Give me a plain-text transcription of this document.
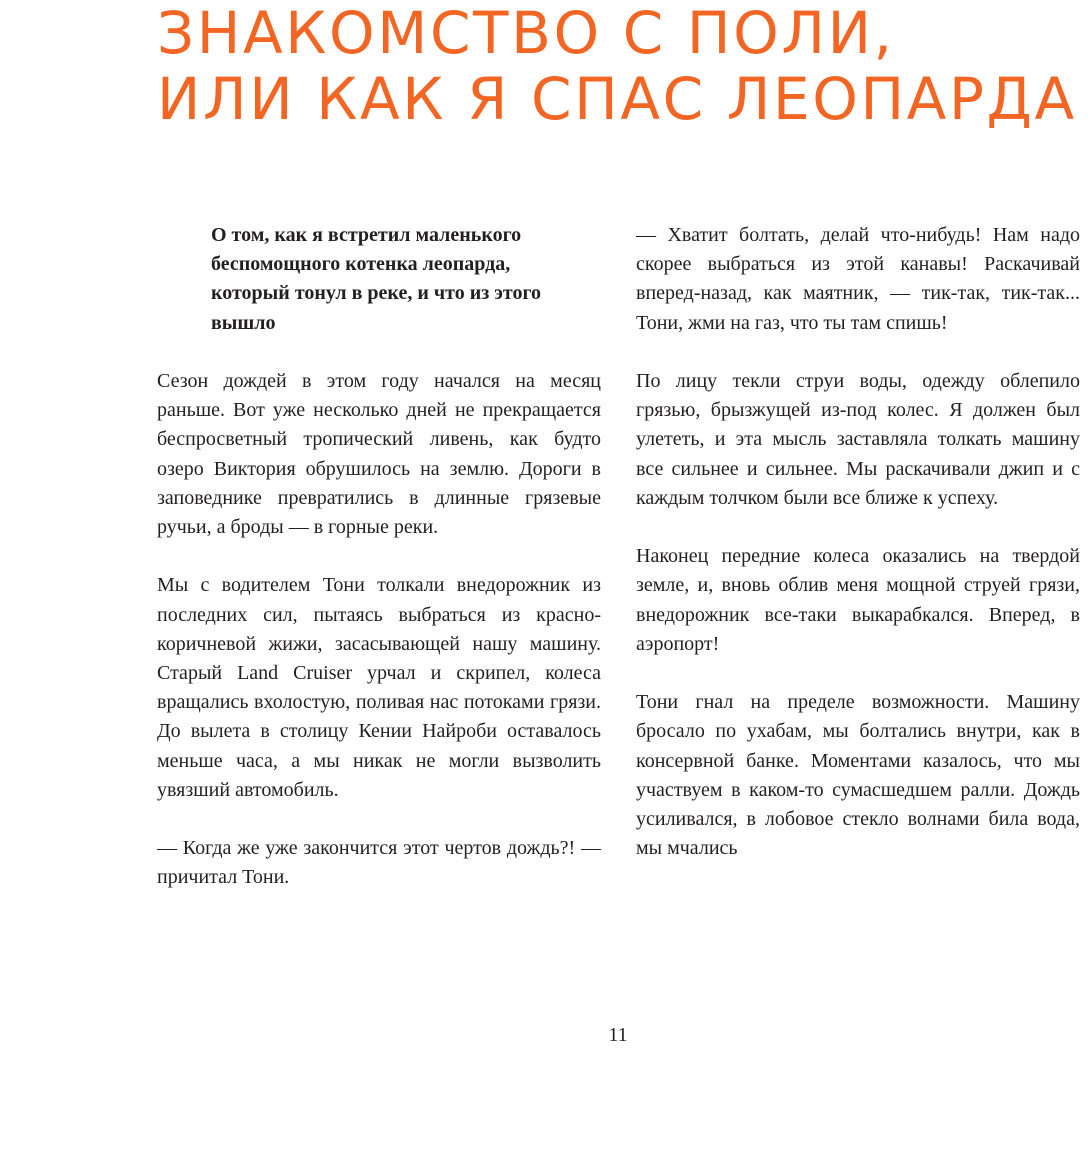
ЗНАКОМСТВО С ПОЛИ,
ИЛИ КАК Я СПАС ЛЕОПАРДА

О том, как я встретил маленького беспомощного котенка леопарда, который тонул в реке, и что из этого вышло

Сезон дождей в этом году начался на месяц раньше. Вот уже несколько дней не прекращается беспросветный тропический ливень, как будто озеро Виктория обрушилось на землю. Дороги в заповеднике превратились в длинные грязевые ручьи, а броды — в горные реки.

Мы с водителем Тони толкали внедорожник из последних сил, пытаясь выбраться из красно-коричневой жижи, засасывающей нашу машину. Старый Land Cruiser урчал и скрипел, колеса вращались вхолостую, поливая нас потоками грязи. До вылета в столицу Кении Найроби оставалось меньше часа, а мы никак не могли вызволить увязший автомобиль.

— Когда же уже закончится этот чертов дождь?! — причитал Тони.

— Хватит болтать, делай что-нибудь! Нам надо скорее выбраться из этой канавы! Раскачивай вперед-назад, как маятник, — тик-так, тик-так... Тони, жми на газ, что ты там спишь!

По лицу текли струи воды, одежду облепило грязью, брызжущей из-под колес. Я должен был улететь, и эта мысль заставляла толкать машину все сильнее и сильнее. Мы раскачивали джип и с каждым толчком были все ближе к успеху.

Наконец передние колеса оказались на твердой земле, и, вновь облив меня мощной струей грязи, внедорожник все-таки выкарабкался. Вперед, в аэропорт!

Тони гнал на пределе возможности. Машину бросало по ухабам, мы болтались внутри, как в консервной банке. Моментами казалось, что мы участвуем в каком-то сумасшедшем ралли. Дождь усиливался, в лобовое стекло волнами била вода, мы мчались

11
